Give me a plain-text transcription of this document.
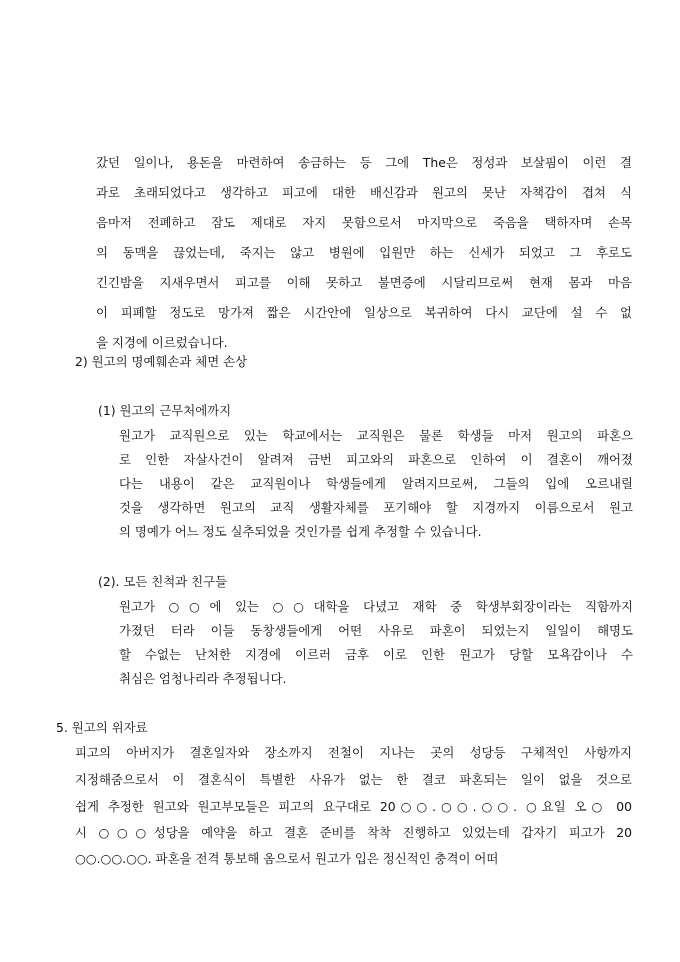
갔던 일이나, 용돈을 마련하여 송금하는 등 그에 The은 정성과 보살핌이 이런 결
과로 초래되었다고 생각하고 피고에 대한 배신감과 원고의 못난 자책감이 겹쳐 식
음마저 전폐하고 잠도 제대로 자지 못함으로서 마지막으로 죽음을 택하자며 손목
의 동맥을 끊었는데, 죽지는 않고 병원에 입원만 하는 신세가 되었고 그 후로도
긴긴밤을 지새우면서 피고를 이해 못하고 불면증에 시달리므로써 현재 몸과 마음
이 피폐할 정도로 망가져 짧은 시간안에 일상으로 복귀하여 다시 교단에 설 수 없
을 지경에 이르렀습니다.
2) 원고의 명예훼손과 체면 손상
(1) 원고의 근무처에까지
원고가 교직원으로 있는 학교에서는 교직원은 물론 학생들 마저 원고의 파혼으
로 인한 자살사건이 알려져 금번 피고와의 파혼으로 인하여 이 결혼이 깨어졌
다는 내용이 같은 교직원이나 학생들에게 알려지므로써, 그들의 입에 오르내릴
것을 생각하면 원고의 교직 생활자체를 포기해야 할 지경까지 이름으로서 원고
의 명예가 어느 정도 실추되었을 것인가를 쉽게 추정할 수 있습니다.
(2). 모든 친척과 친구들
원고가 ○○에 있는 ○○대학을 다녔고 재학 중 학생부회장이라는 직함까지
가졌던 터라 이들 동창생들에게 어떤 사유로 파혼이 되었는지 일일이 해명도
할 수없는 난처한 지경에 이르러 금후 이로 인한 원고가 당할 모욕감이나 수
취심은 엄청나리라 추정됩니다.
5. 원고의 위자료
피고의 아버지가 결혼일자와 장소까지 전철이 지나는 곳의 성당등 구체적인 사항까지
지정해줌으로서 이 결혼식이 특별한 사유가 없는 한 결코 파혼되는 일이 없을 것으로
쉽게 추정한 원고와 원고부모들은 피고의 요구대로 20○○.○○.○○. ○요일 오○ 00
시 ○○○성당을 예약을 하고 결혼 준비를 착착 진행하고 있었는데 갑자기 피고가 20
○○.○○.○○. 파혼을 전격 통보해 옴으로서 원고가 입은 정신적인 충격이 어떠
